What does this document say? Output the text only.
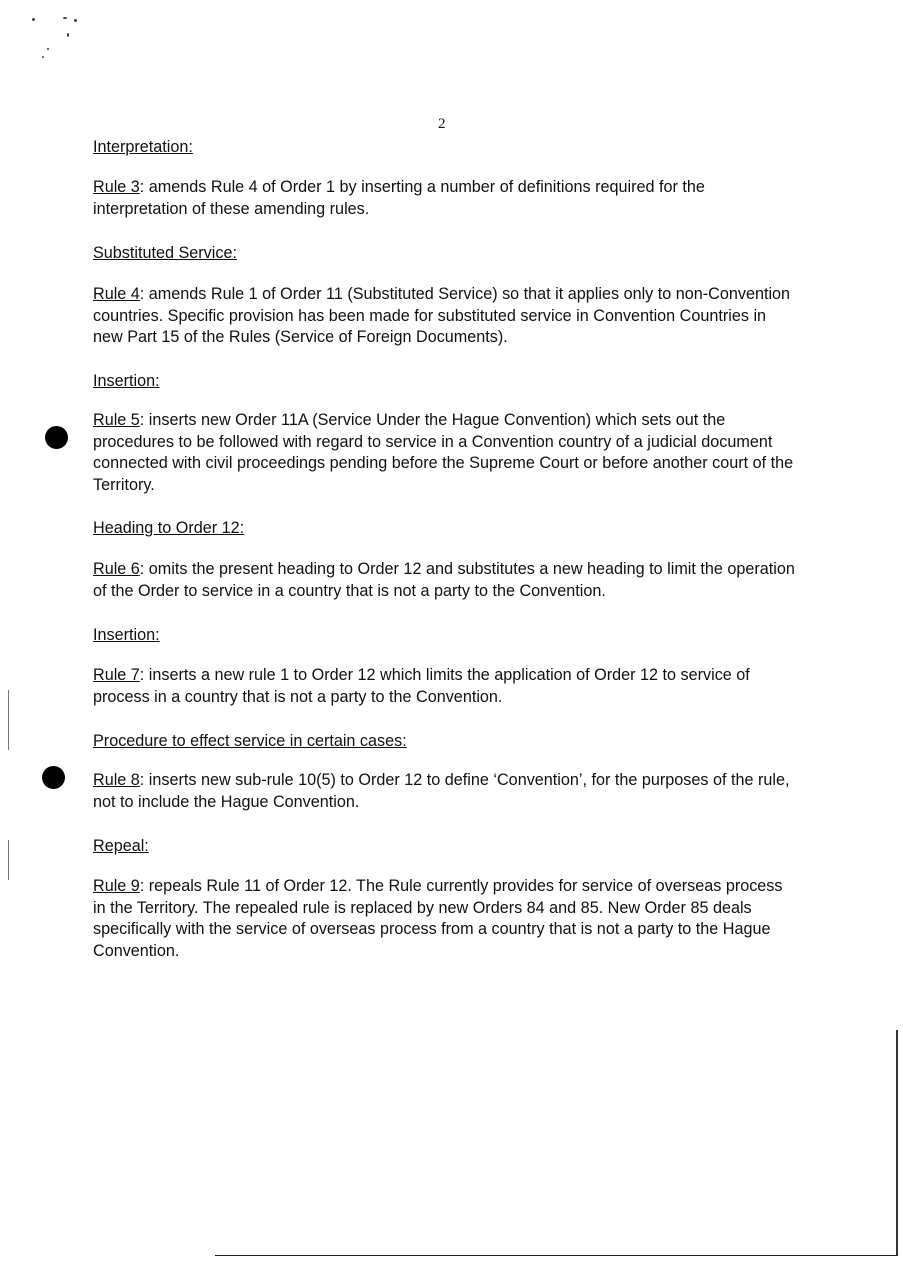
2
Interpretation:
Rule 3: amends Rule 4 of Order 1 by inserting a number of definitions required for the interpretation of these amending rules.
Substituted Service:
Rule 4: amends Rule 1 of Order 11 (Substituted Service) so that it applies only to non-Convention countries. Specific provision has been made for substituted service in Convention Countries in new Part 15 of the Rules (Service of Foreign Documents).
Insertion:
Rule 5: inserts new Order 11A (Service Under the Hague Convention) which sets out the procedures to be followed with regard to service in a Convention country of a judicial document connected with civil proceedings pending before the Supreme Court or before another court of the Territory.
Heading to Order 12:
Rule 6: omits the present heading to Order 12 and substitutes a new heading to limit the operation of the Order to service in a country that is not a party to the Convention.
Insertion:
Rule 7: inserts a new rule 1 to Order 12 which limits the application of Order 12 to service of process in a country that is not a party to the Convention.
Procedure to effect service in certain cases:
Rule 8: inserts new sub-rule 10(5) to Order 12 to define ‘Convention’, for the purposes of the rule, not to include the Hague Convention.
Repeal:
Rule 9: repeals Rule 11 of Order 12. The Rule currently provides for service of overseas process in the Territory. The repealed rule is replaced by new Orders 84 and 85. New Order 85 deals specifically with the service of overseas process from a country that is not a party to the Hague Convention.
